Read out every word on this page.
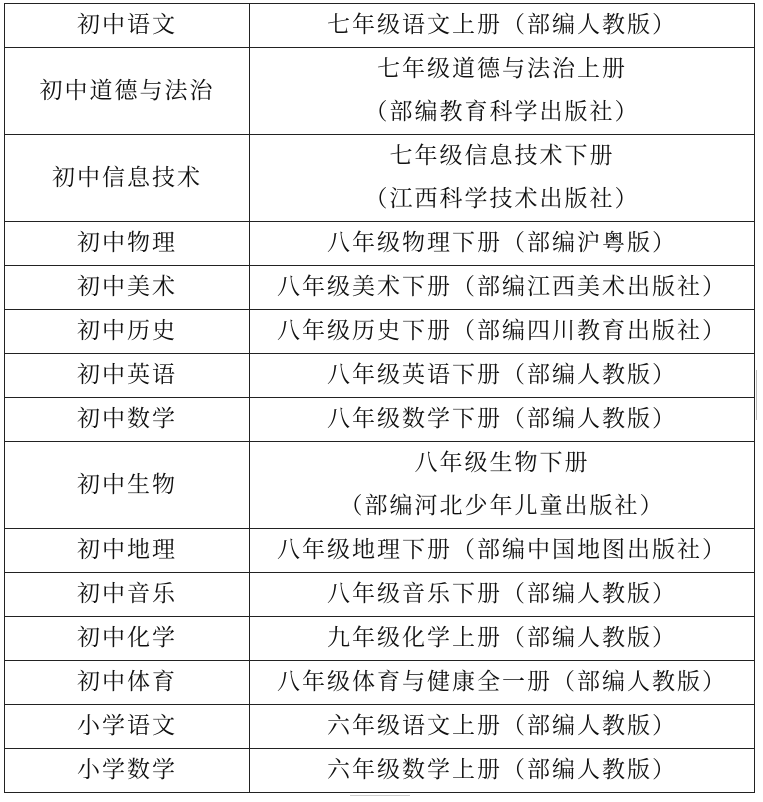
初中语文	七年级语文上册（部编人教版）

初中道德与法治	七年级道德与法治上册
（部编教育科学出版社）

初中信息技术	七年级信息技术下册
（江西科学技术出版社）

初中物理	八年级物理下册（部编沪粤版）

初中美术	八年级美术下册（部编江西美术出版社）

初中历史	八年级历史下册（部编四川教育出版社）

初中英语	八年级英语下册（部编人教版）

初中数学	八年级数学下册（部编人教版）

初中生物	八年级生物下册
（部编河北少年儿童出版社）

初中地理	八年级地理下册（部编中国地图出版社）

初中音乐	八年级音乐下册（部编人教版）

初中化学	九年级化学上册（部编人教版）

初中体育	八年级体育与健康全一册（部编人教版）

小学语文	六年级语文上册（部编人教版）

小学数学	六年级数学上册（部编人教版）
